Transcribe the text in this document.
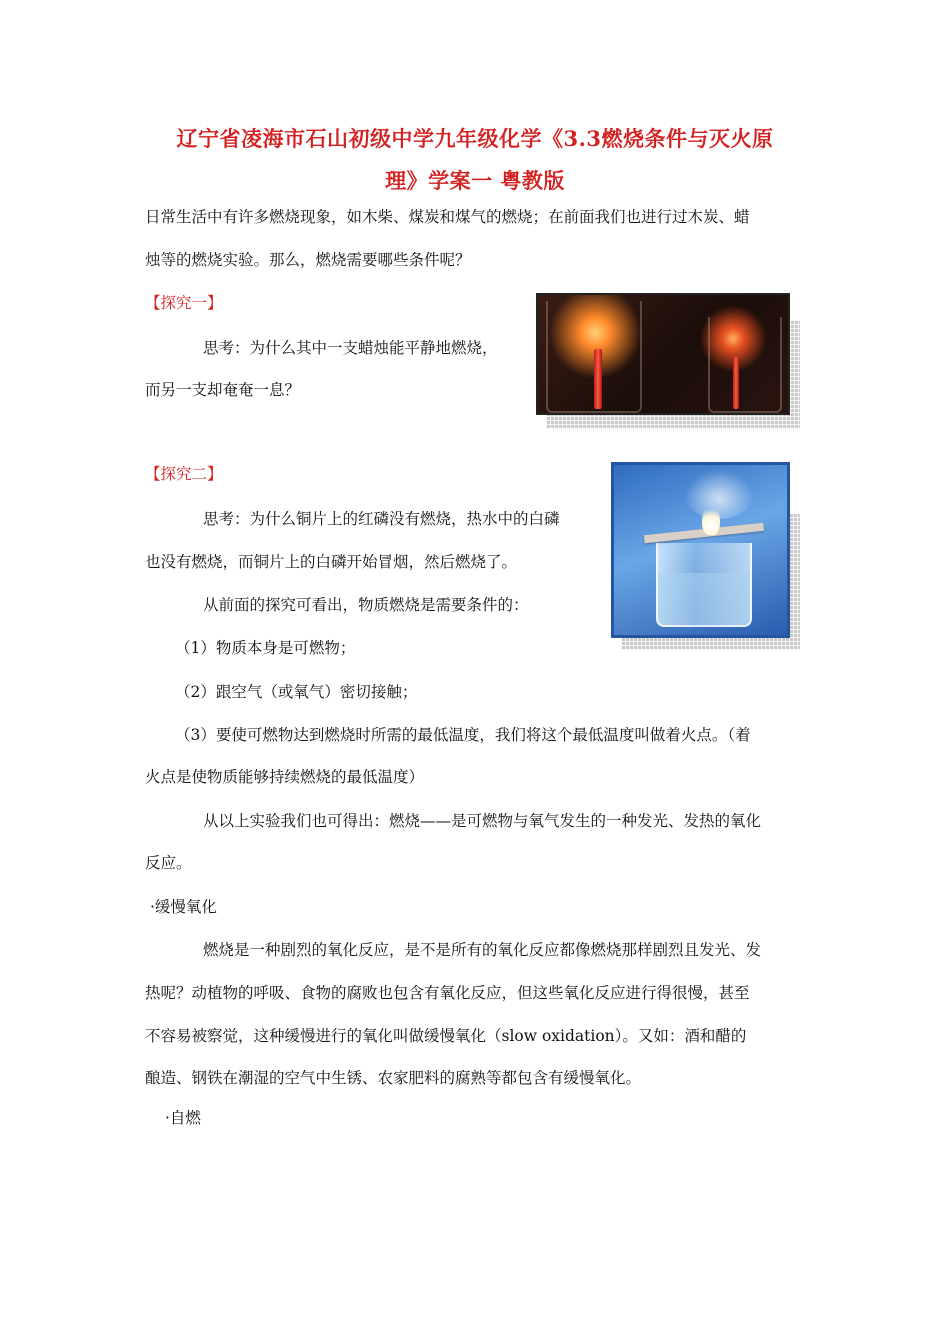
辽宁省凌海市石山初级中学九年级化学《3.3燃烧条件与灭火原
理》学案一 粤教版
日常生活中有许多燃烧现象，如木柴、煤炭和煤气的燃烧；在前面我们也进行过木炭、蜡
烛等的燃烧实验。那么，燃烧需要哪些条件呢？
【探究一】
思考：为什么其中一支蜡烛能平静地燃烧，
而另一支却奄奄一息？
【探究二】
思考：为什么铜片上的红磷没有燃烧，热水中的白磷
也没有燃烧，而铜片上的白磷开始冒烟，然后燃烧了。
从前面的探究可看出，物质燃烧是需要条件的：
（1）物质本身是可燃物；
（2）跟空气（或氧气）密切接触；
（3）要使可燃物达到燃烧时所需的最低温度，我们将这个最低温度叫做着火点。（着
火点是使物质能够持续燃烧的最低温度）
从以上实验我们也可得出：燃烧——是可燃物与氧气发生的一种发光、发热的氧化
反应。
·缓慢氧化
燃烧是一种剧烈的氧化反应，是不是所有的氧化反应都像燃烧那样剧烈且发光、发
热呢？动植物的呼吸、食物的腐败也包含有氧化反应，但这些氧化反应进行得很慢，甚至
不容易被察觉，这种缓慢进行的氧化叫做缓慢氧化（slow oxidation）。又如：酒和醋的
酿造、钢铁在潮湿的空气中生锈、农家肥料的腐熟等都包含有缓慢氧化。
·自燃
